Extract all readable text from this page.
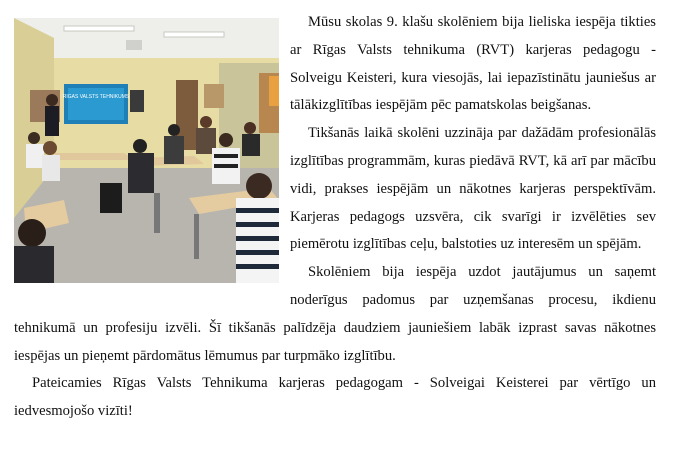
RIGAS VALSTS TEHNIKUMS

Mūsu skolas 9. klašu skolēniem bija lieliska iespēja tikties ar Rīgas Valsts tehnikuma (RVT) karjeras pedagogu - Solveigu Keisteri, kura viesojās, lai iepazīstinātu jauniešus ar tālākizglītības iespējām pēc pamatskolas beigšanas.

Tikšanās laikā skolēni uzzināja par dažādām profesionālās izglītības programmām, kuras piedāvā RVT, kā arī par mācību vidi, prakses iespējām un nākotnes karjeras perspektīvām. Karjeras pedagogs uzsvēra, cik svarīgi ir izvēlēties sev piemērotu izglītības ceļu, balstoties uz interesēm un spējām.

Skolēniem bija iespēja uzdot jautājumus un saņemt noderīgus padomus par uzņemšanas procesu, ikdienu tehnikumā un profesiju izvēli. Šī tikšanās palīdzēja daudziem jauniešiem labāk izprast savas nākotnes iespējas un pieņemt pārdomātus lēmumus par turpmāko izglītību.

Pateicamies Rīgas Valsts Tehnikuma karjeras pedagogam - Solveigai Keisterei par vērtīgo un iedvesmojošo vizīti!
